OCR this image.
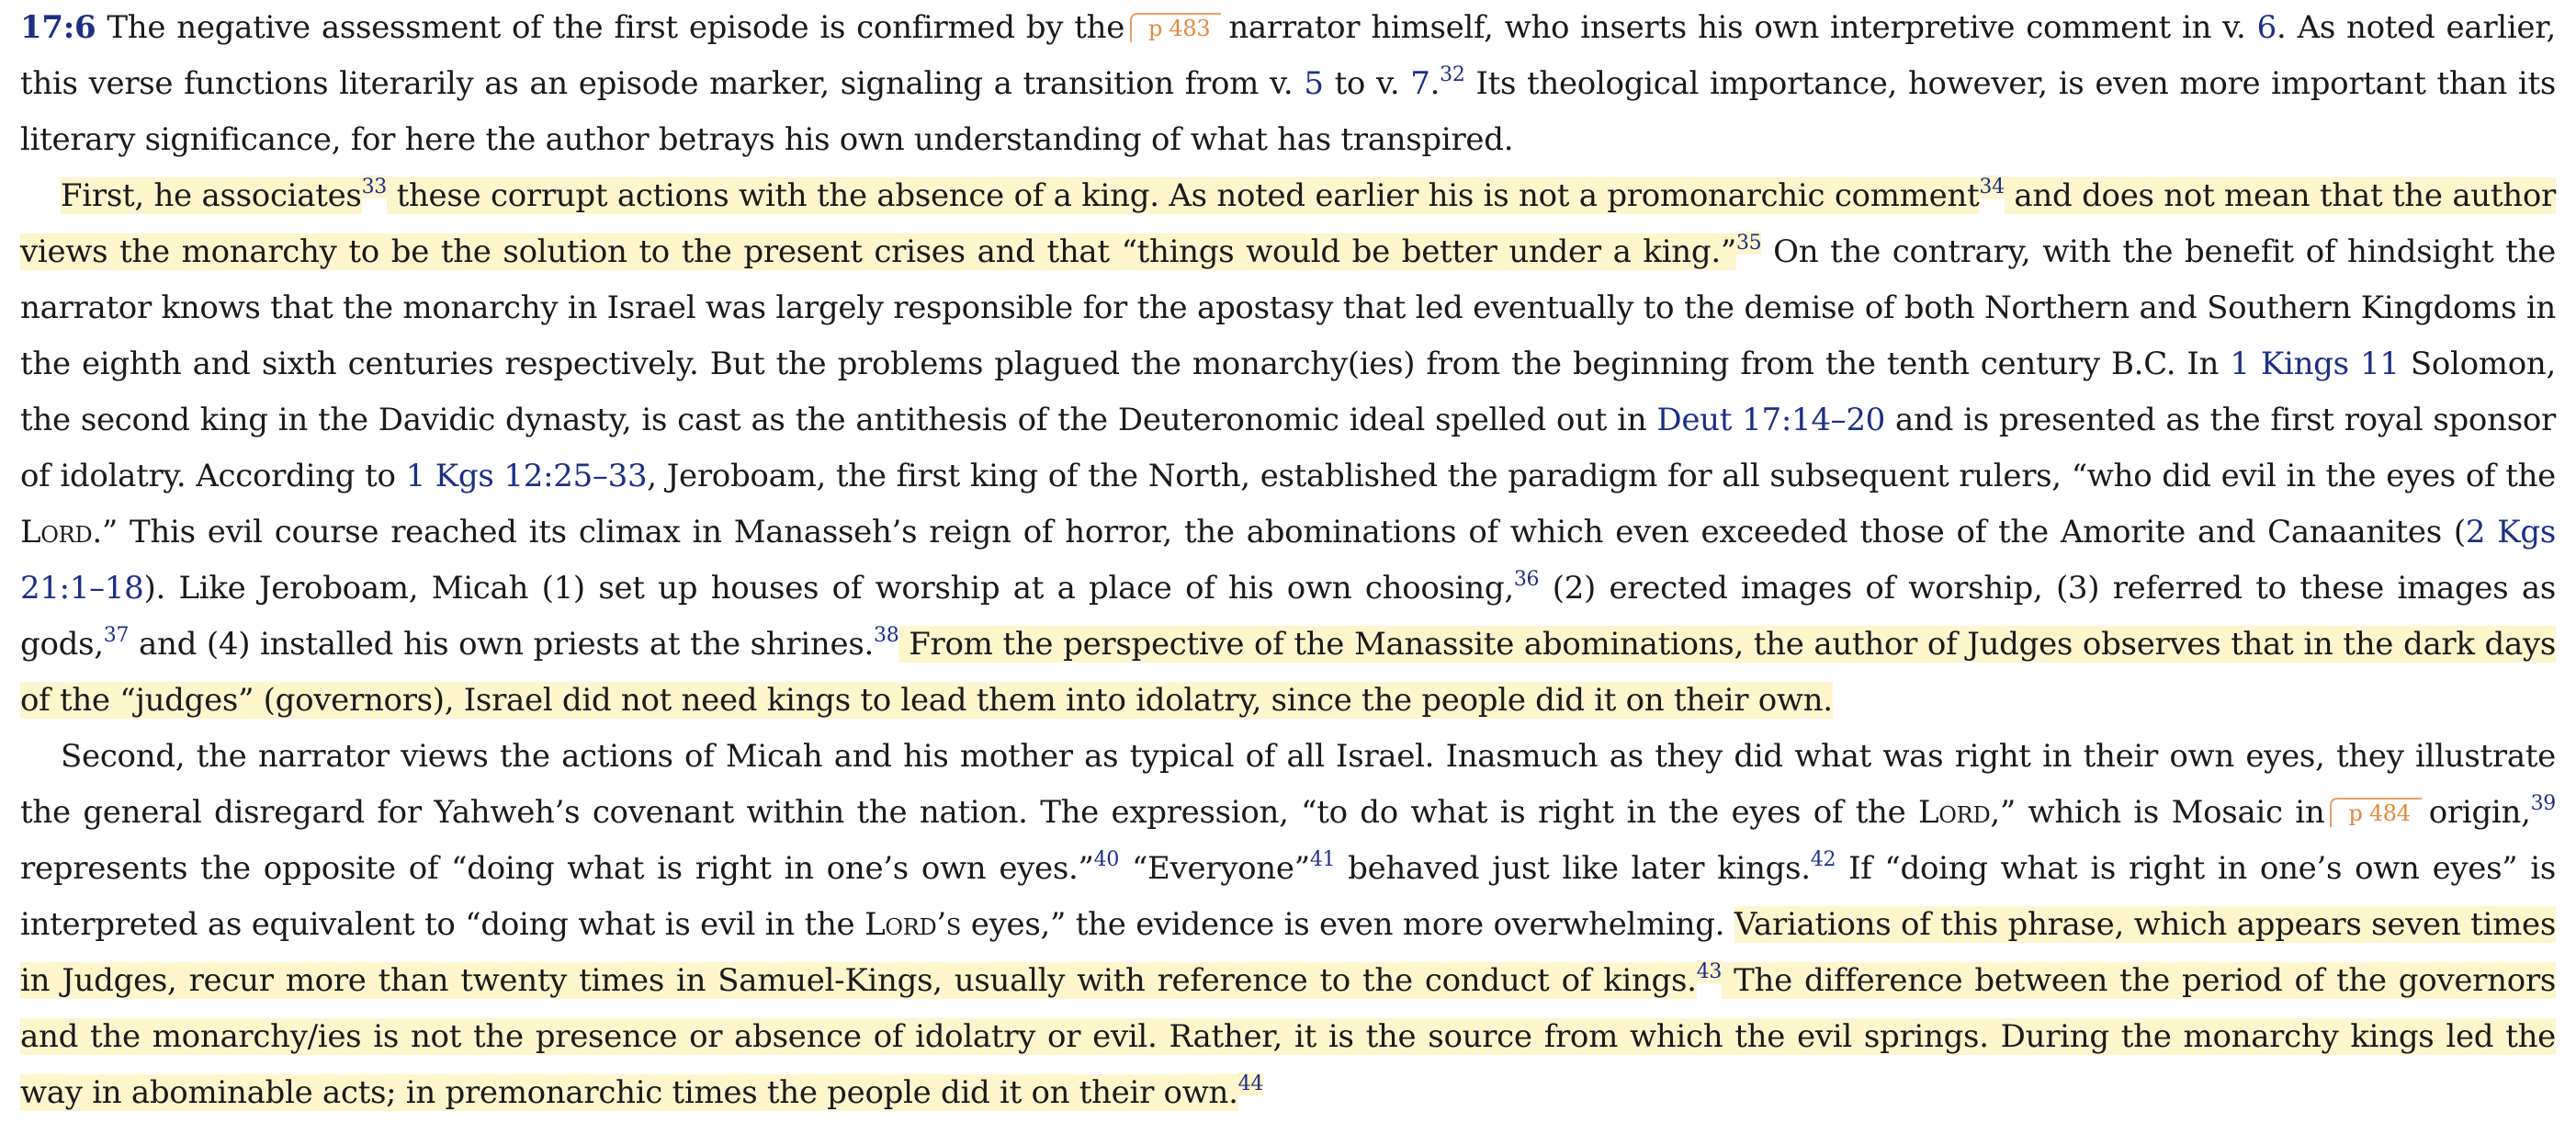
17:6 The negative assessment of the first episode is confirmed by the p 483 narrator himself, who inserts his own interpretive comment in v. 6. As noted earlier, this verse functions literarily as an episode marker, signaling a transition from v. 5 to v. 7.32 Its theological importance, however, is even more important than its literary significance, for here the author betrays his own understanding of what has transpired.

First, he associates$^{33}$ these corrupt actions with the absence of a king. As noted earlier his is not a promonarchic comment$^{34}$ and does not mean that the author views the monarchy to be the solution to the present crises and that “things would be better under a king.”$^{35}$ On the contrary, with the benefit of hindsight the narrator knows that the monarchy in Israel was largely responsible for the apostasy that led eventually to the demise of both Northern and Southern Kingdoms in the eighth and sixth centuries respectively. But the problems plagued the monarchy(ies) from the beginning from the tenth century B.C. In 1 Kings 11 Solomon, the second king in the Davidic dynasty, is cast as the antithesis of the Deuteronomic ideal spelled out in Deut 17:14–20 and is presented as the first royal sponsor of idolatry. According to 1 Kgs 12:25–33, Jeroboam, the first king of the North, established the paradigm for all subsequent rulers, “who did evil in the eyes of the Lord.” This evil course reached its climax in Manasseh’s reign of horror, the abominations of which even exceeded those of the Amorite and Canaanites (2 Kgs 21:1–18). Like Jeroboam, Micah (1) set up houses of worship at a place of his own choosing,$^{36}$ (2) erected images of worship, (3) referred to these images as gods,$^{37}$ and (4) installed his own priests at the shrines.$^{38}$ From the perspective of the Manassite abominations, the author of Judges observes that in the dark days of the “judges” (governors), Israel did not need kings to lead them into idolatry, since the people did it on their own.

Second, the narrator views the actions of Micah and his mother as typical of all Israel. Inasmuch as they did what was right in their own eyes, they illustrate the general disregard for Yahweh’s covenant within the nation. The expression, “to do what is right in the eyes of the Lord,” which is Mosaic in p 484 origin,$^{39}$ represents the opposite of “doing what is right in one’s own eyes.”$^{40}$ “Everyone”$^{41}$ behaved just like later kings.$^{42}$ If “doing what is right in one’s own eyes” is interpreted as equivalent to “doing what is evil in the Lord’s eyes,” the evidence is even more overwhelming. Variations of this phrase, which appears seven times in Judges, recur more than twenty times in Samuel-Kings, usually with reference to the conduct of kings.$^{43}$ The difference between the period of the governors and the monarchy/ies is not the presence or absence of idolatry or evil. Rather, it is the source from which the evil springs. During the monarchy kings led the way in abominable acts; in premonarchic times the people did it on their own.$^{44}$
